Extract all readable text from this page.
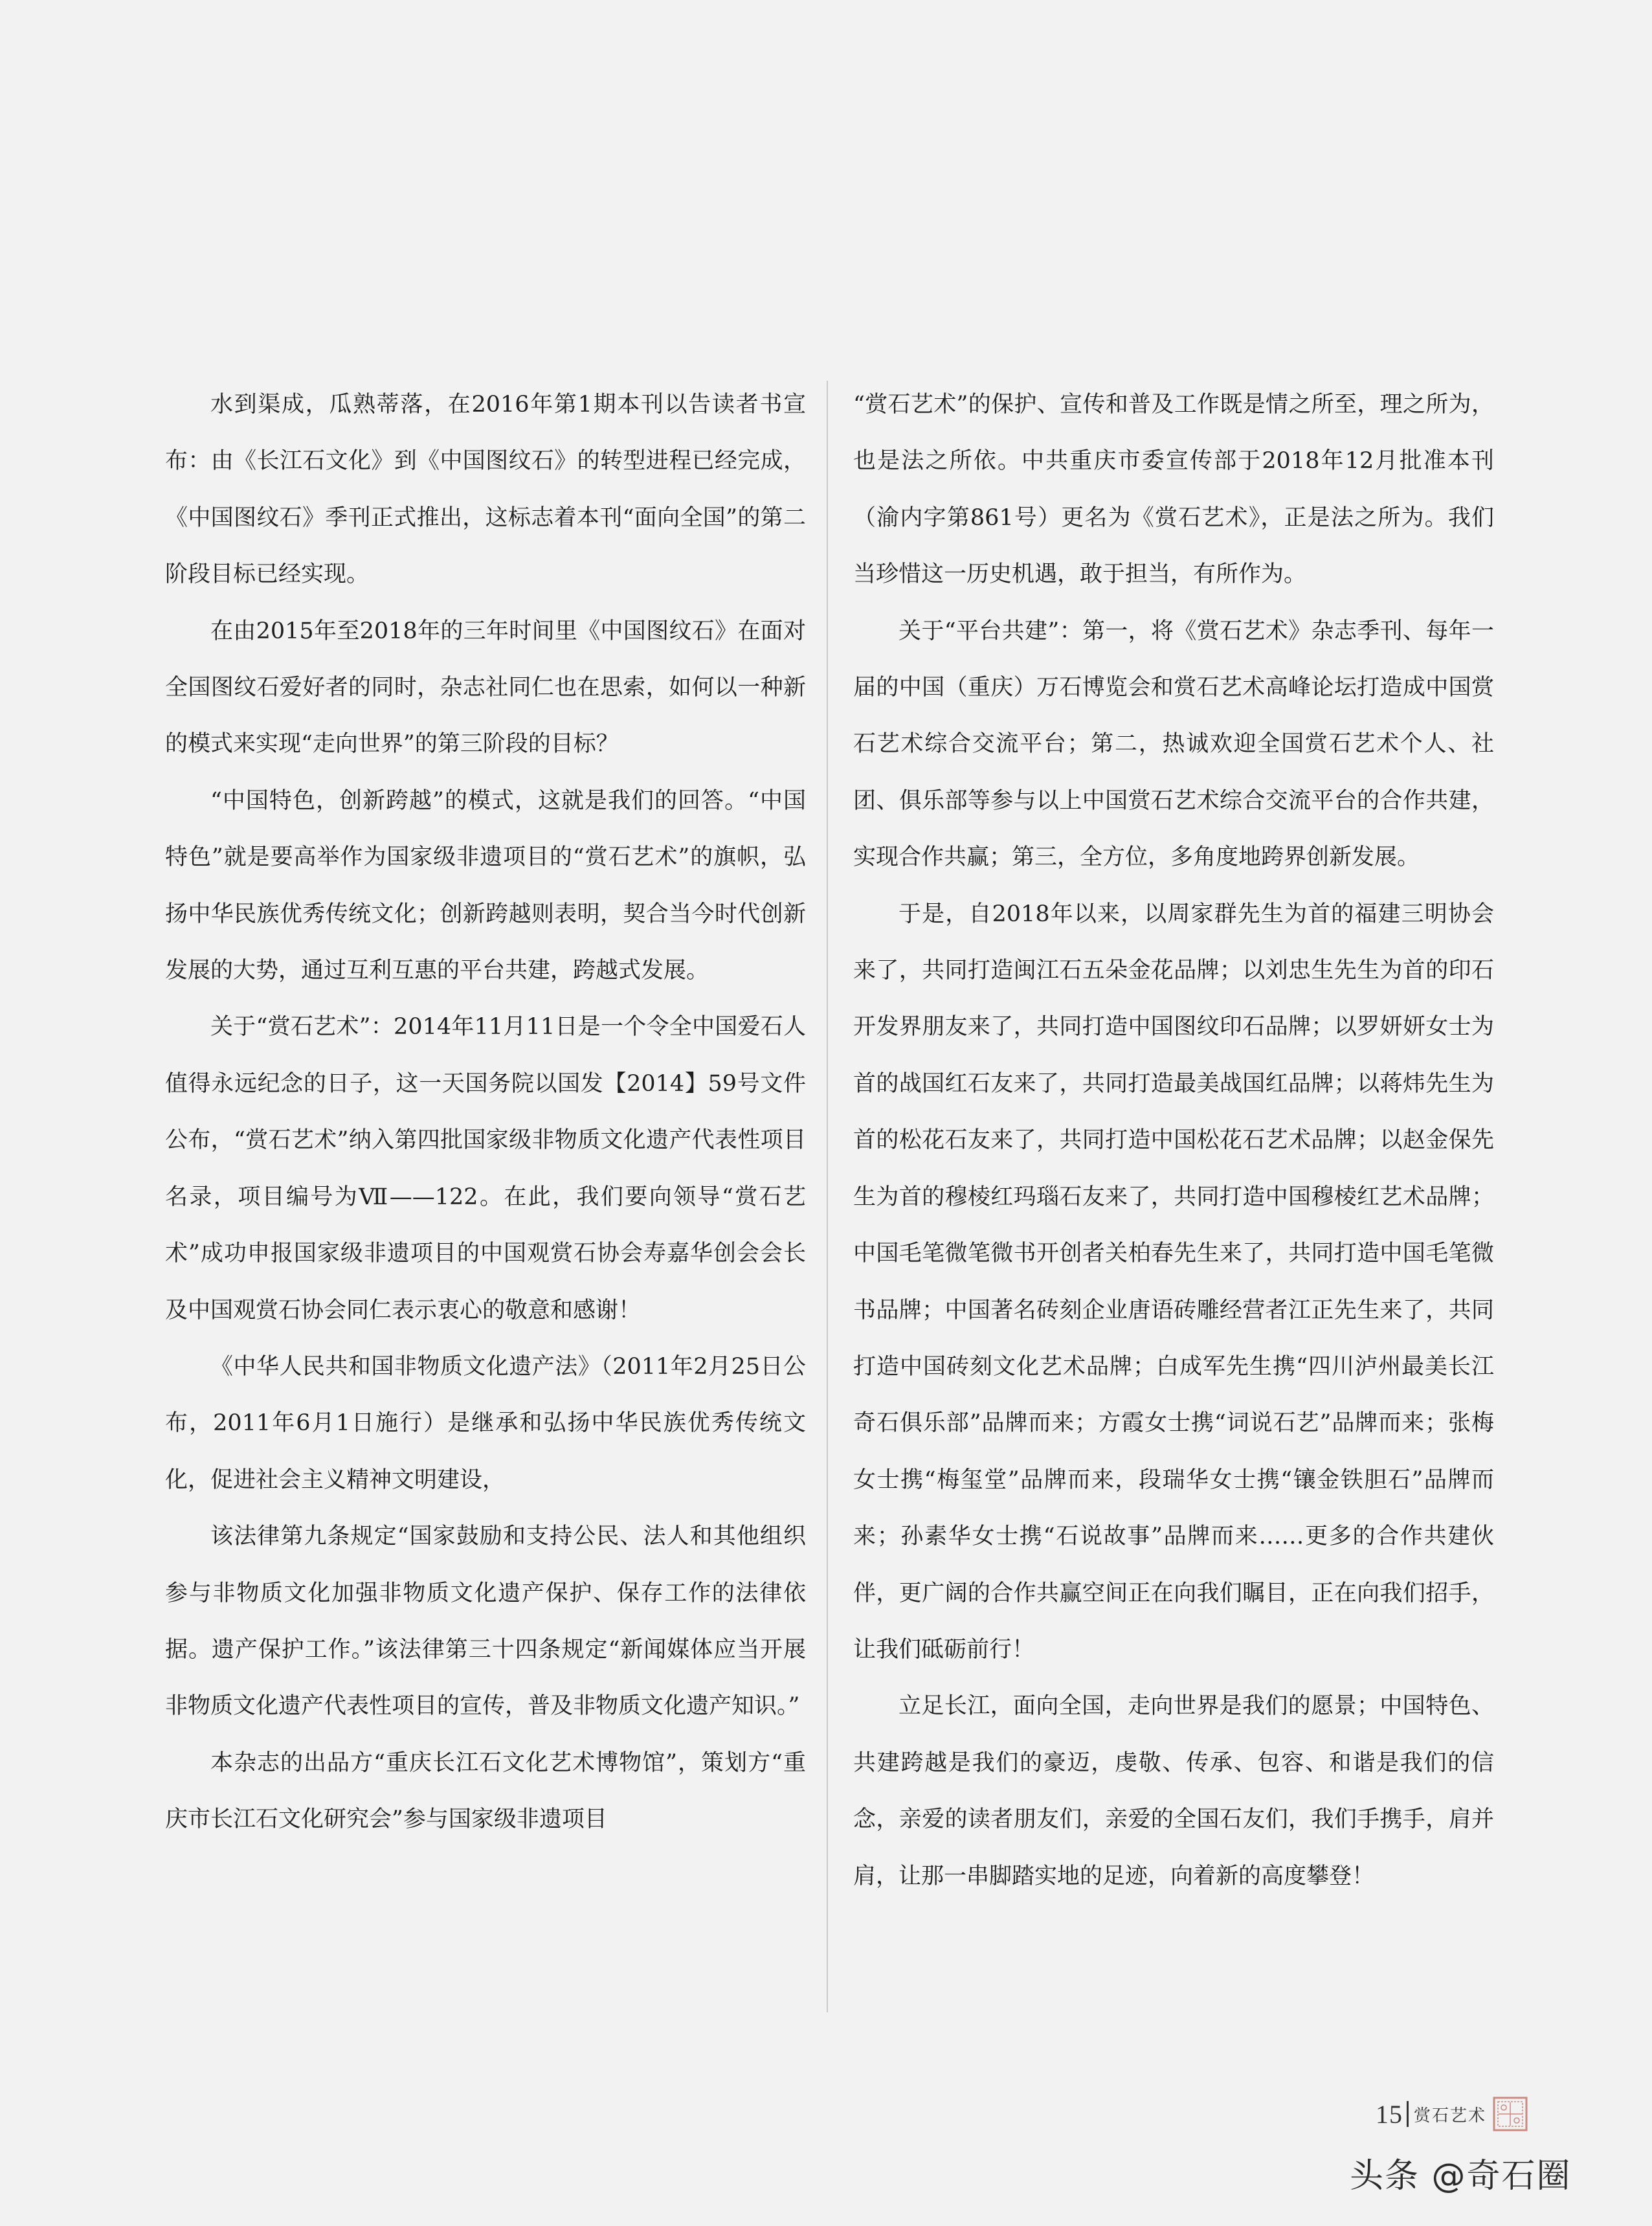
水到渠成，瓜熟蒂落，在2016年第1期本刊以告读者书宣布：由《长江石文化》到《中国图纹石》的转型进程已经完成，《中国图纹石》季刊正式推出，这标志着本刊“面向全国”的第二阶段目标已经实现。

在由2015年至2018年的三年时间里《中国图纹石》在面对全国图纹石爱好者的同时，杂志社同仁也在思索，如何以一种新的模式来实现“走向世界”的第三阶段的目标？

“中国特色，创新跨越”的模式，这就是我们的回答。“中国特色”就是要高举作为国家级非遗项目的“赏石艺术”的旗帜，弘扬中华民族优秀传统文化；创新跨越则表明，契合当今时代创新发展的大势，通过互利互惠的平台共建，跨越式发展。

关于“赏石艺术”：2014年11月11日是一个令全中国爱石人值得永远纪念的日子，这一天国务院以国发【2014】59号文件公布，“赏石艺术”纳入第四批国家级非物质文化遗产代表性项目名录，项目编号为Ⅶ——122。在此，我们要向领导“赏石艺术”成功申报国家级非遗项目的中国观赏石协会寿嘉华创会会长及中国观赏石协会同仁表示衷心的敬意和感谢！

《中华人民共和国非物质文化遗产法》（2011年2月25日公布，2011年6月1日施行）是继承和弘扬中华民族优秀传统文化，促进社会主义精神文明建设，

该法律第九条规定“国家鼓励和支持公民、法人和其他组织参与非物质文化加强非物质文化遗产保护、保存工作的法律依据。遗产保护工作。”该法律第三十四条规定“新闻媒体应当开展非物质文化遗产代表性项目的宣传，普及非物质文化遗产知识。”

本杂志的出品方“重庆长江石文化艺术博物馆”，策划方“重庆市长江石文化研究会”参与国家级非遗项目

“赏石艺术”的保护、宣传和普及工作既是情之所至，理之所为，也是法之所依。中共重庆市委宣传部于2018年12月批准本刊（渝内字第861号）更名为《赏石艺术》，正是法之所为。我们当珍惜这一历史机遇，敢于担当，有所作为。

关于“平台共建”：第一，将《赏石艺术》杂志季刊、每年一届的中国（重庆）万石博览会和赏石艺术高峰论坛打造成中国赏石艺术综合交流平台；第二，热诚欢迎全国赏石艺术个人、社团、俱乐部等参与以上中国赏石艺术综合交流平台的合作共建，实现合作共赢；第三，全方位，多角度地跨界创新发展。

于是，自2018年以来，以周家群先生为首的福建三明协会来了，共同打造闽江石五朵金花品牌；以刘忠生先生为首的印石开发界朋友来了，共同打造中国图纹印石品牌；以罗妍妍女士为首的战国红石友来了，共同打造最美战国红品牌；以蒋炜先生为首的松花石友来了，共同打造中国松花石艺术品牌；以赵金保先生为首的穆棱红玛瑙石友来了，共同打造中国穆棱红艺术品牌；中国毛笔微笔微书开创者关柏春先生来了，共同打造中国毛笔微书品牌；中国著名砖刻企业唐语砖雕经营者江正先生来了，共同打造中国砖刻文化艺术品牌；白成军先生携“四川泸州最美长江奇石俱乐部”品牌而来；方霞女士携“词说石艺”品牌而来；张梅女士携“梅玺堂”品牌而来，段瑞华女士携“镶金铁胆石”品牌而来；孙素华女士携“石说故事”品牌而来……更多的合作共建伙伴，更广阔的合作共赢空间正在向我们瞩目，正在向我们招手，让我们砥砺前行！

立足长江，面向全国，走向世界是我们的愿景；中国特色、共建跨越是我们的豪迈，虔敬、传承、包容、和谐是我们的信念，亲爱的读者朋友们，亲爱的全国石友们，我们手携手，肩并肩，让那一串脚踏实地的足迹，向着新的高度攀登！

15 赏石艺术
头条 @奇石圈
